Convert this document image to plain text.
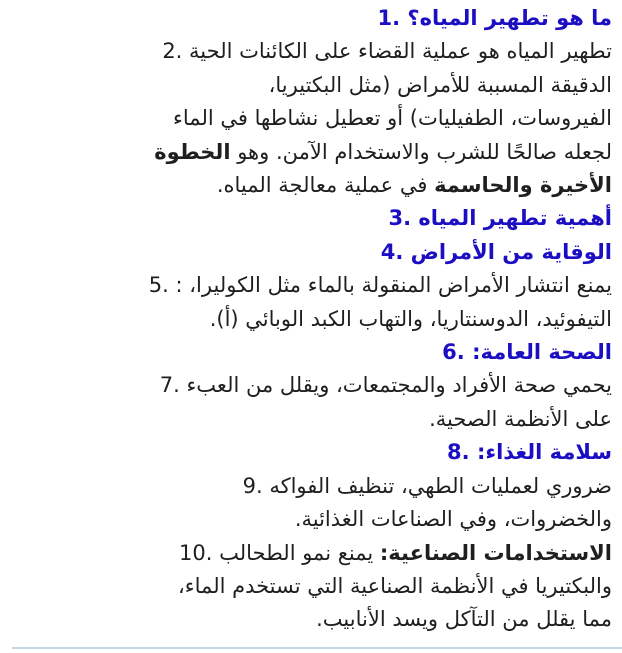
ما هو تطهير المياه؟ 1.
تطهير المياه هو عملية القضاء على الكائنات الحية 2.
الدقيقة المسببة للأمراض (مثل البكتيريا،
الفيروسات، الطفيليات) أو تعطيل نشاطها في الماء
لجعله صالحًا للشرب والاستخدام الآمن. وهو الخطوة
الأخيرة والحاسمة في عملية معالجة المياه.
أهمية تطهير المياه 3.
الوقاية من الأمراض 4.
يمنع انتشار الأمراض المنقولة بالماء مثل الكوليرا، : 5.
التيفوئيد، الدوسنتاريا، والتهاب الكبد الوبائي (أ).
الصحة العامة: 6.
يحمي صحة الأفراد والمجتمعات، ويقلل من العبء 7.
على الأنظمة الصحية.
سلامة الغذاء: 8.
ضروري لعمليات الطهي، تنظيف الفواكه 9.
والخضروات، وفي الصناعات الغذائية.
الاستخدامات الصناعية: يمنع نمو الطحالب 10.
والبكتيريا في الأنظمة الصناعية التي تستخدم الماء،
مما يقلل من التآكل ويسد الأنابيب.
